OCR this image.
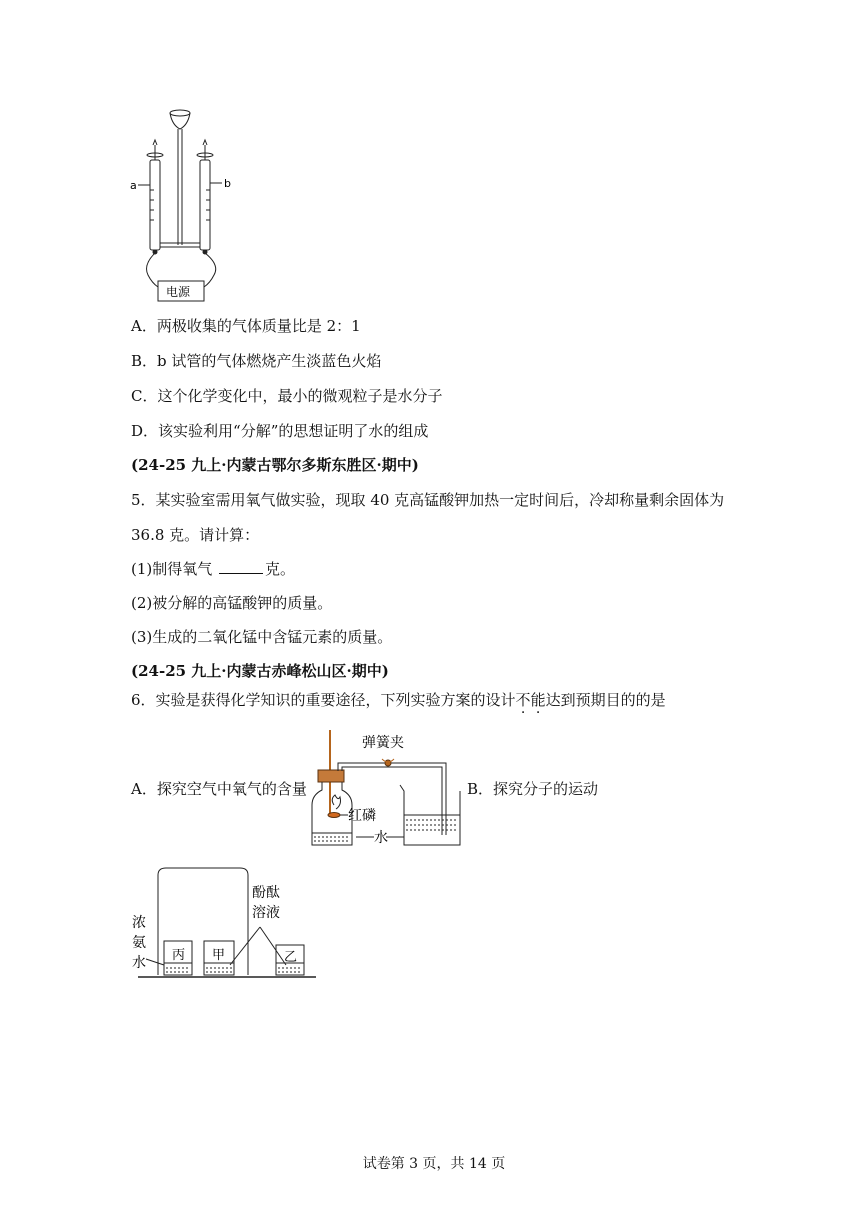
a	b
电源
A．两极收集的气体质量比是 2：1
B．b 试管的气体燃烧产生淡蓝色火焰
C．这个化学变化中，最小的微观粒子是水分子
D．该实验利用“分解”的思想证明了水的组成
(24-25 九上·内蒙古鄂尔多斯东胜区·期中)
5．某实验室需用氧气做实验，现取 40 克高锰酸钾加热一定时间后，冷却称量剩余固体为
36.8 克。请计算：
(1)制得氧气	克。
(2)被分解的高锰酸钾的质量。
(3)生成的二氧化锰中含锰元素的质量。
(24-25 九上·内蒙古赤峰松山区·期中)
6．实验是获得化学知识的重要途径，下列实验方案的设计不能达到预期目的的是
A．探究空气中氧气的含量	B．探究分子的运动
弹簧夹
红磷
水
丙 甲	乙
浓
氨
水
酚酞
溶液
试卷第 3 页，共 14 页
